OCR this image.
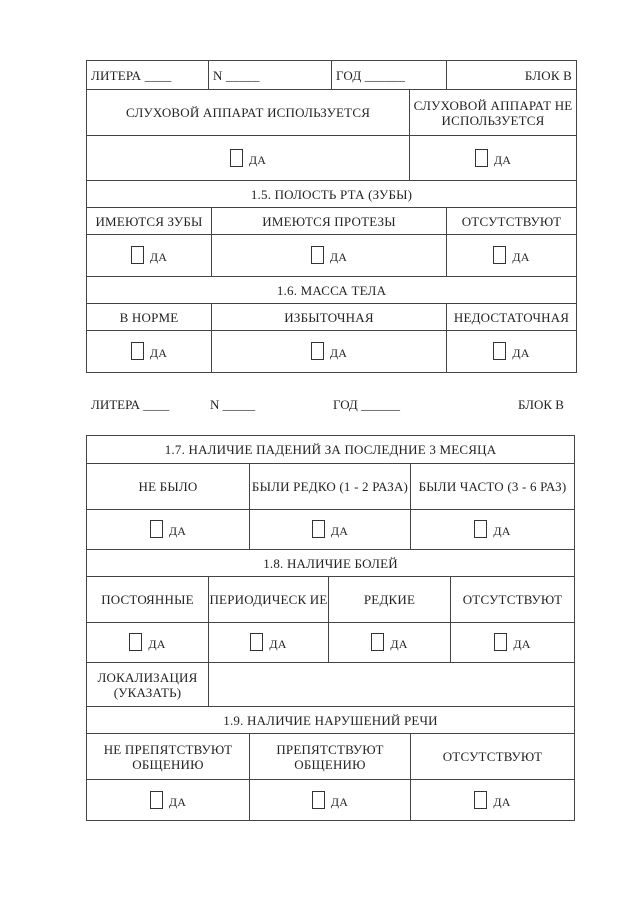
ЛИТЕРА ____	N _____		ГОД ______		БЛОК В
СЛУХОВОЙ АППАРАТ ИСПОЛЬЗУЕТСЯ				СЛУХОВОЙ АППАРАТ НЕ ИСПОЛЬЗУЕТСЯ	
ДА				ДА	
1.5. ПОЛОСТЬ РТА (ЗУБЫ)					
ИМЕЮТСЯ ЗУБЫ		ИМЕЮТСЯ ПРОТЕЗЫ			ОТСУТСТВУЮТ
ДА		ДА			ДА
1.6. МАССА ТЕЛА					
В НОРМЕ		ИЗБЫТОЧНАЯ			НЕДОСТАТОЧНАЯ
ДА		ДА			ДА
ЛИТЕРА ____	N _____	ГОД ______	БЛОК В
1.7. НАЛИЧИЕ ПАДЕНИЙ ЗА ПОСЛЕДНИЕ 3 МЕСЯЦА					
НЕ БЫЛО		БЫЛИ РЕДКО (1 - 2 РАЗА)		БЫЛИ ЧАСТО (3 - 6 РАЗ)	
ДА		ДА		ДА	
1.8. НАЛИЧИЕ БОЛЕЙ					
ПОСТОЯННЫЕ	ПЕРИОДИЧЕСК ИЕ		РЕДКИЕ		ОТСУТСТВУЮТ
ДА	ДА		ДА		ДА
ЛОКАЛИЗАЦИЯ (УКАЗАТЬ)					
1.9. НАЛИЧИЕ НАРУШЕНИЙ РЕЧИ					
НЕ ПРЕПЯТСТВУЮТ ОБЩЕНИЮ		ПРЕПЯТСТВУЮТ ОБЩЕНИЮ		ОТСУТСТВУЮТ	
ДА		ДА		ДА	
